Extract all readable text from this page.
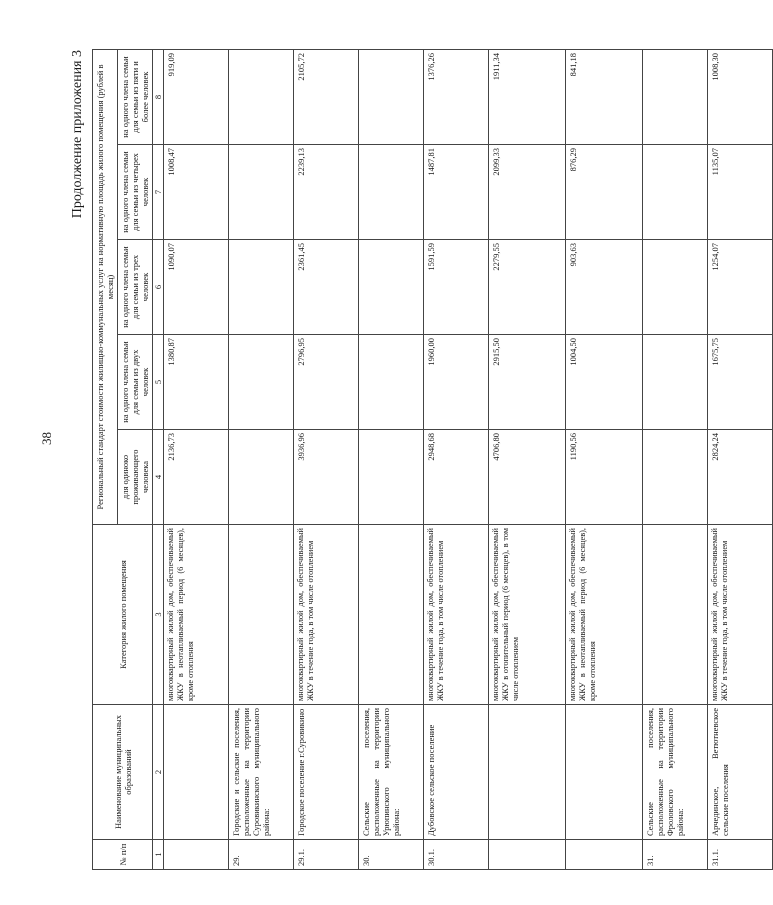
38
Продолжение приложения 3
№ п/п	Наименование муниципальных образований	Категория жилого помещения	Региональный стандарт стоимости жилищно-коммунальных услуг на нормативную площадь жилого помещения (рублей в месяц)				
			для одиноко проживающего человека	на одного члена семьи для семьи из двух человек	на одного члена семьи для семьи из трех человек	на одного члена семьи для семьи из четырех человек	на одного члена семьи для семьи из пяти и более человек
1	2	3	4	5	6	7	8
		многоквартирный жилой дом, обеспечиваемый ЖКУ в неотапливаемый период (6 месяцев), кроме отопления	2136,73	1380,87	1090,07	1008,47	919,09
29.	Городские и сельские поселения, расположенные на территории Суровикинского муниципального района:						
29.1.	Городское поселение г.Суровикино	многоквартирный жилой дом, обеспечиваемый ЖКУ в течение года, в том числе отоплением	3936,96	2796,95	2361,45	2239,13	2105,72
30.	Сельские поселения, расположенные на территории Урюпинского муниципального района:						
30.1.	Дубовское сельское поселение	многоквартирный жилой дом, обеспечиваемый ЖКУ в течение года, в том числе отоплением	2948,68	1960,00	1591,59	1487,81	1376,26
		многоквартирный жилой дом, обеспечиваемый ЖКУ в отопительный период (6 месяцев), в том числе отоплением	4706,80	2915,50	2279,55	2099,33	1911,34
		многоквартирный жилой дом, обеспечиваемый ЖКУ в неотапливаемый период (6 месяцев), кроме отопления	1190,56	1004,50	903,63	876,29	841,18
31.	Сельские поселения, расположенные на территории Фроловского муниципального района:						
31.1.	Арчединское, Ветютневское сельские поселения	многоквартирный жилой дом, обеспечиваемый ЖКУ в течение года, в том числе отоплением	2824,24	1675,75	1254,07	1135,07	1008,30
